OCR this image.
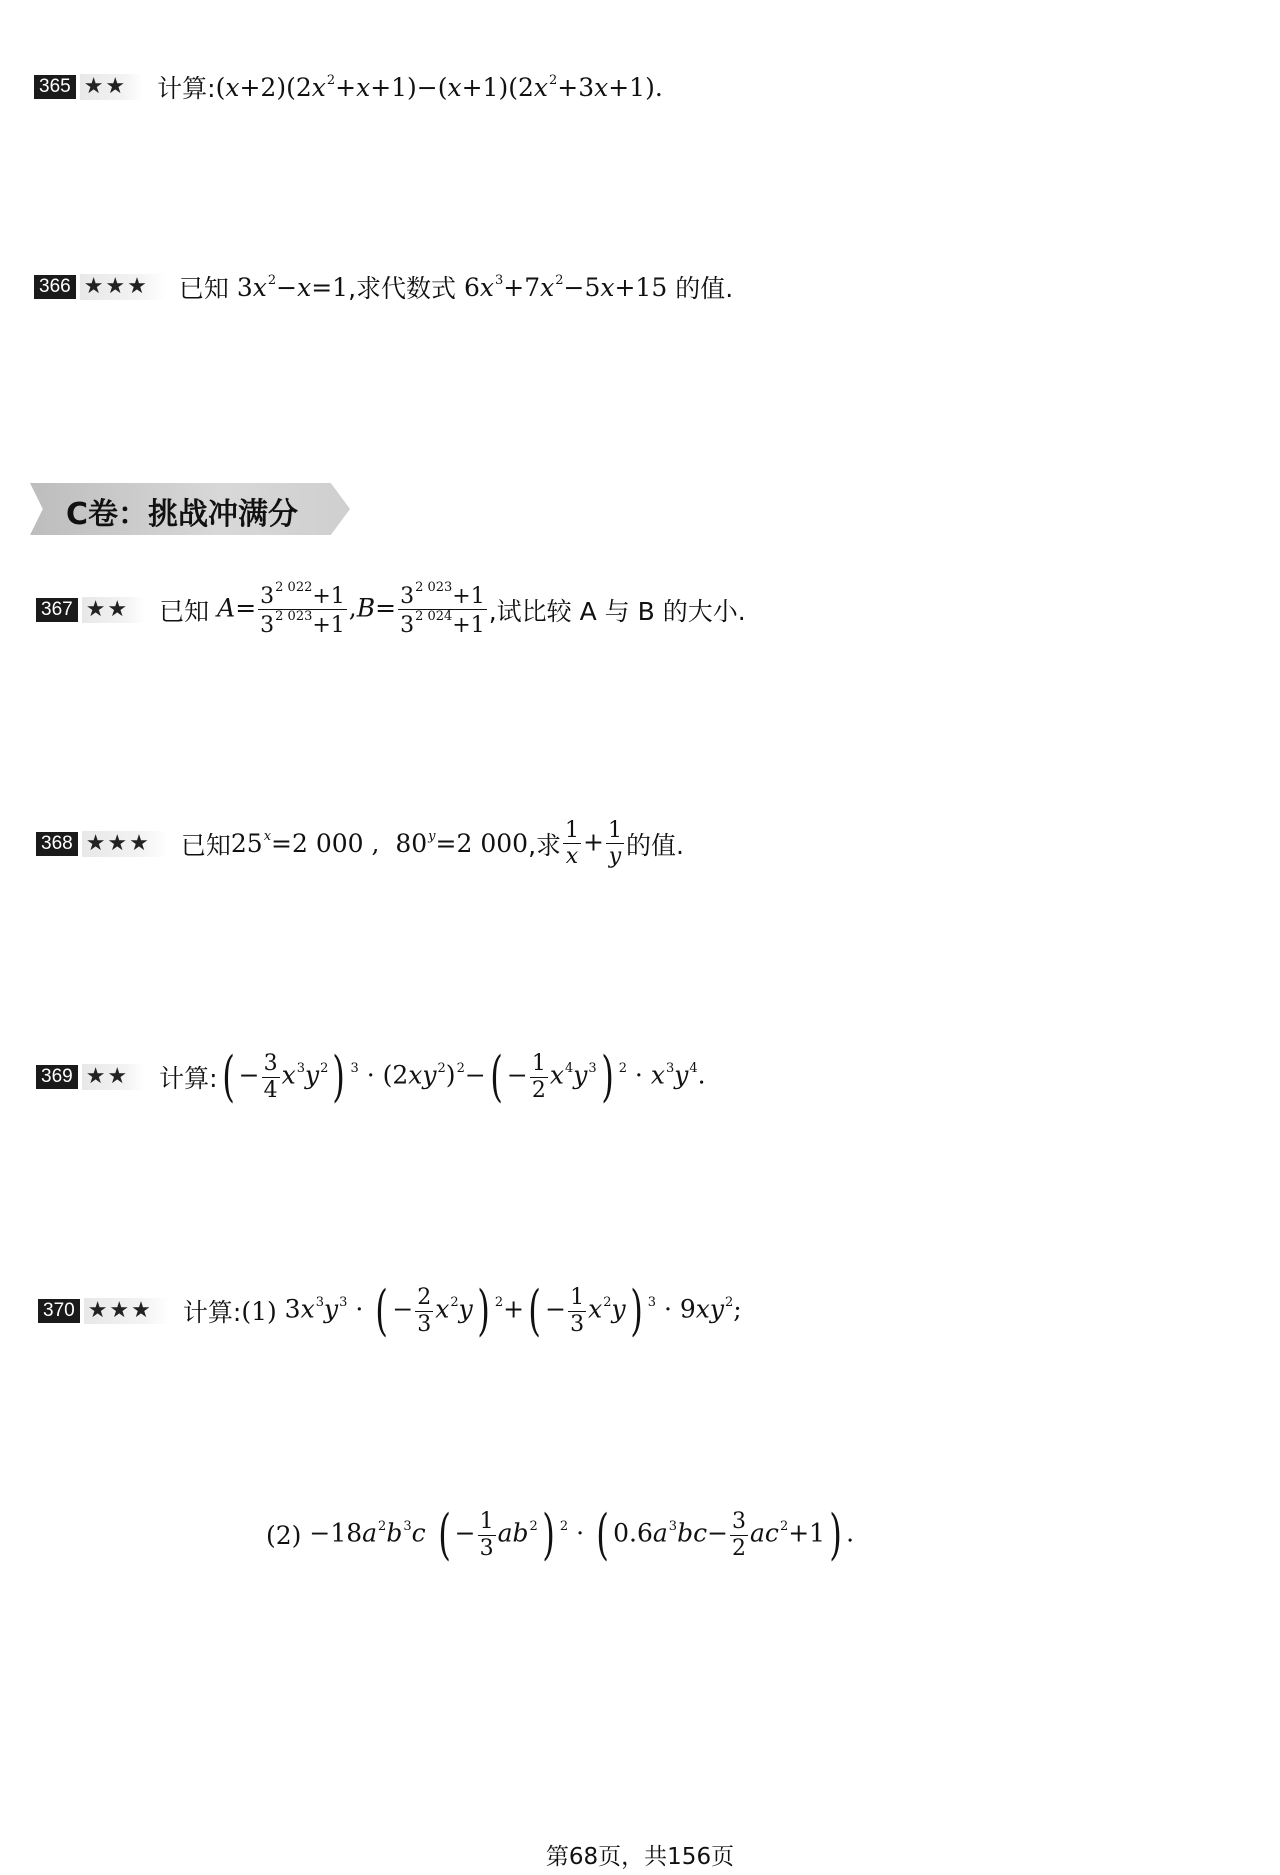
365 ★★	计算: $(x+2)(2x^2+x+1)-(x+1)(2x^2+3x+1)$.
366 ★★★	已知 $3x^2-x=1$ ,求代数式 $6x^3+7x^2-5x+15$ 的值.
C卷：挑战冲满分
367 ★★	已知 $A= \frac{3^{2 022}+1}{3^{2 023}+1} ,B= \frac{3^{2 023}+1}{3^{2 024}+1}$ ,试比较 A 与 B 的大小.
368 ★★★	已知 $25^x=2$ 000 ,  $80^y=2$ 000 ,求 $\frac{1}{x} + \frac{1}{y}$ 的值.
369 ★★	计算: ( − $\frac{3}{4} x^3y^2$) $^3 \cdot (2xy^2)^2-( - \frac{1}{2} x^4y^3) ^2 \cdot x^3y^4$.
370 ★★★	计算: (1) $3x^3y^3$ · ( − $\frac{2}{3} x^2y$) $^2+( - \frac{1}{3} x^2y)$ $^3 \cdot 9xy^2$;
$(2) -18a^2b^3c$ ( − $\frac{1}{3} ab^2$) $^2$ · ( $0.6a^3bc- \frac{3}{2} ac^2+1$) .
第68页，共156页
